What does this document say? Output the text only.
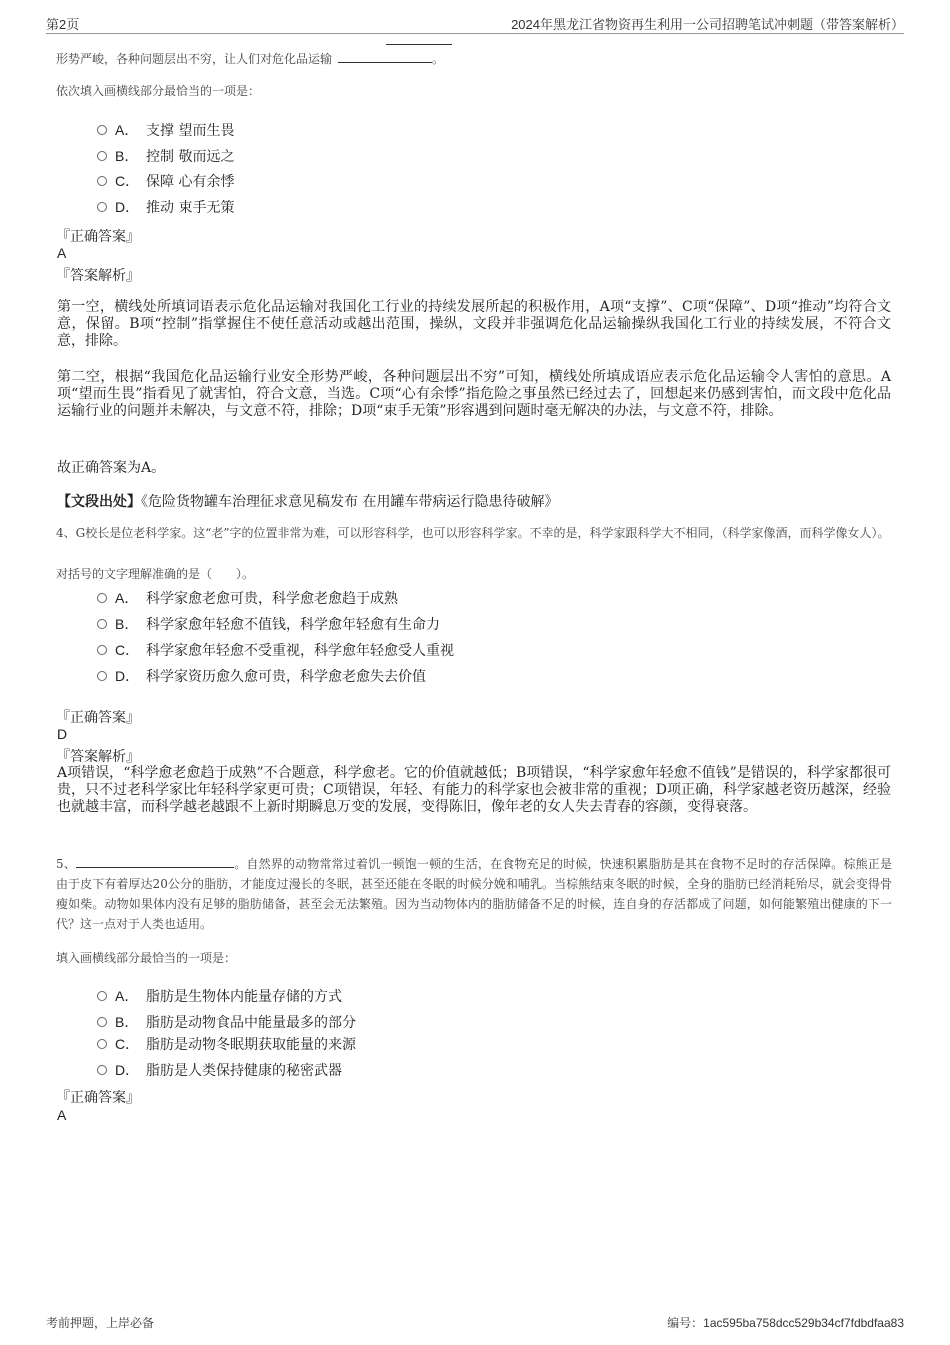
第2页	2024年黑龙江省物资再生利用一公司招聘笔试冲刺题（带答案解析）
形势严峻，各种问题层出不穷，让人们对危化品运输	。
依次填入画横线部分最恰当的一项是：
A． 支撑 望而生畏
B． 控制 敬而远之
C． 保障 心有余悸
D． 推动 束手无策
『正确答案』
A
『答案解析』
第一空，横线处所填词语表示危化品运输对我国化工行业的持续发展所起的积极作用，A项“支撑”、C项“保障”、D项“推动”均符合文意，保留。B项“控制”指掌握住不使任意活动或越出范围，操纵，文段并非强调危化品运输操纵我国化工行业的持续发展，不符合文意，排除。
第二空，根据“我国危化品运输行业安全形势严峻，各种问题层出不穷”可知，横线处所填成语应表示危化品运输令人害怕的意思。A项“望而生畏”指看见了就害怕，符合文意，当选。C项“心有余悸”指危险之事虽然已经过去了，回想起来仍感到害怕，而文段中危化品运输行业的问题并未解决，与文意不符，排除；D项“束手无策”形容遇到问题时毫无解决的办法，与文意不符，排除。
故正确答案为A。
【文段出处】《危险货物罐车治理征求意见稿发布 在用罐车带病运行隐患待破解》
4、G校长是位老科学家。这“老”字的位置非常为难，可以形容科学，也可以形容科学家。不幸的是，科学家跟科学大不相同，（科学家像酒，而科学像女人）。
对括号的文字理解准确的是（　　）。
A． 科学家愈老愈可贵，科学愈老愈趋于成熟
B． 科学家愈年轻愈不值钱，科学愈年轻愈有生命力
C． 科学家愈年轻愈不受重视，科学愈年轻愈受人重视
D． 科学家资历愈久愈可贵，科学愈老愈失去价值
『正确答案』
D
『答案解析』
A项错误，“科学愈老愈趋于成熟”不合题意，科学愈老。它的价值就越低；B项错误，“科学家愈年轻愈不值钱”是错误的，科学家都很可贵，只不过老科学家比年轻科学家更可贵；C项错误，年轻、有能力的科学家也会被非常的重视；D项正确，科学家越老资历越深，经验也就越丰富，而科学越老越跟不上新时期瞬息万变的发展，变得陈旧，像年老的女人失去青春的容颜，变得衰落。
5、	。自然界的动物常常过着饥一顿饱一顿的生活，在食物充足的时候，快速积累脂肪是其在食物不足时的存活保障。棕熊正是由于皮下有着厚达20公分的脂肪，才能度过漫长的冬眠，甚至还能在冬眠的时候分娩和哺乳。当棕熊结束冬眠的时候，全身的脂肪已经消耗殆尽，就会变得骨瘦如柴。动物如果体内没有足够的脂肪储备，甚至会无法繁殖。因为当动物体内的脂肪储备不足的时候，连自身的存活都成了问题，如何能繁殖出健康的下一代？这一点对于人类也适用。
填入画横线部分最恰当的一项是：
A． 脂肪是生物体内能量存储的方式
B． 脂肪是动物食品中能量最多的部分
C． 脂肪是动物冬眠期获取能量的来源
D． 脂肪是人类保持健康的秘密武器
『正确答案』
A
考前押题，上岸必备	编号：1ac595ba758dcc529b34cf7fdbdfaa83
